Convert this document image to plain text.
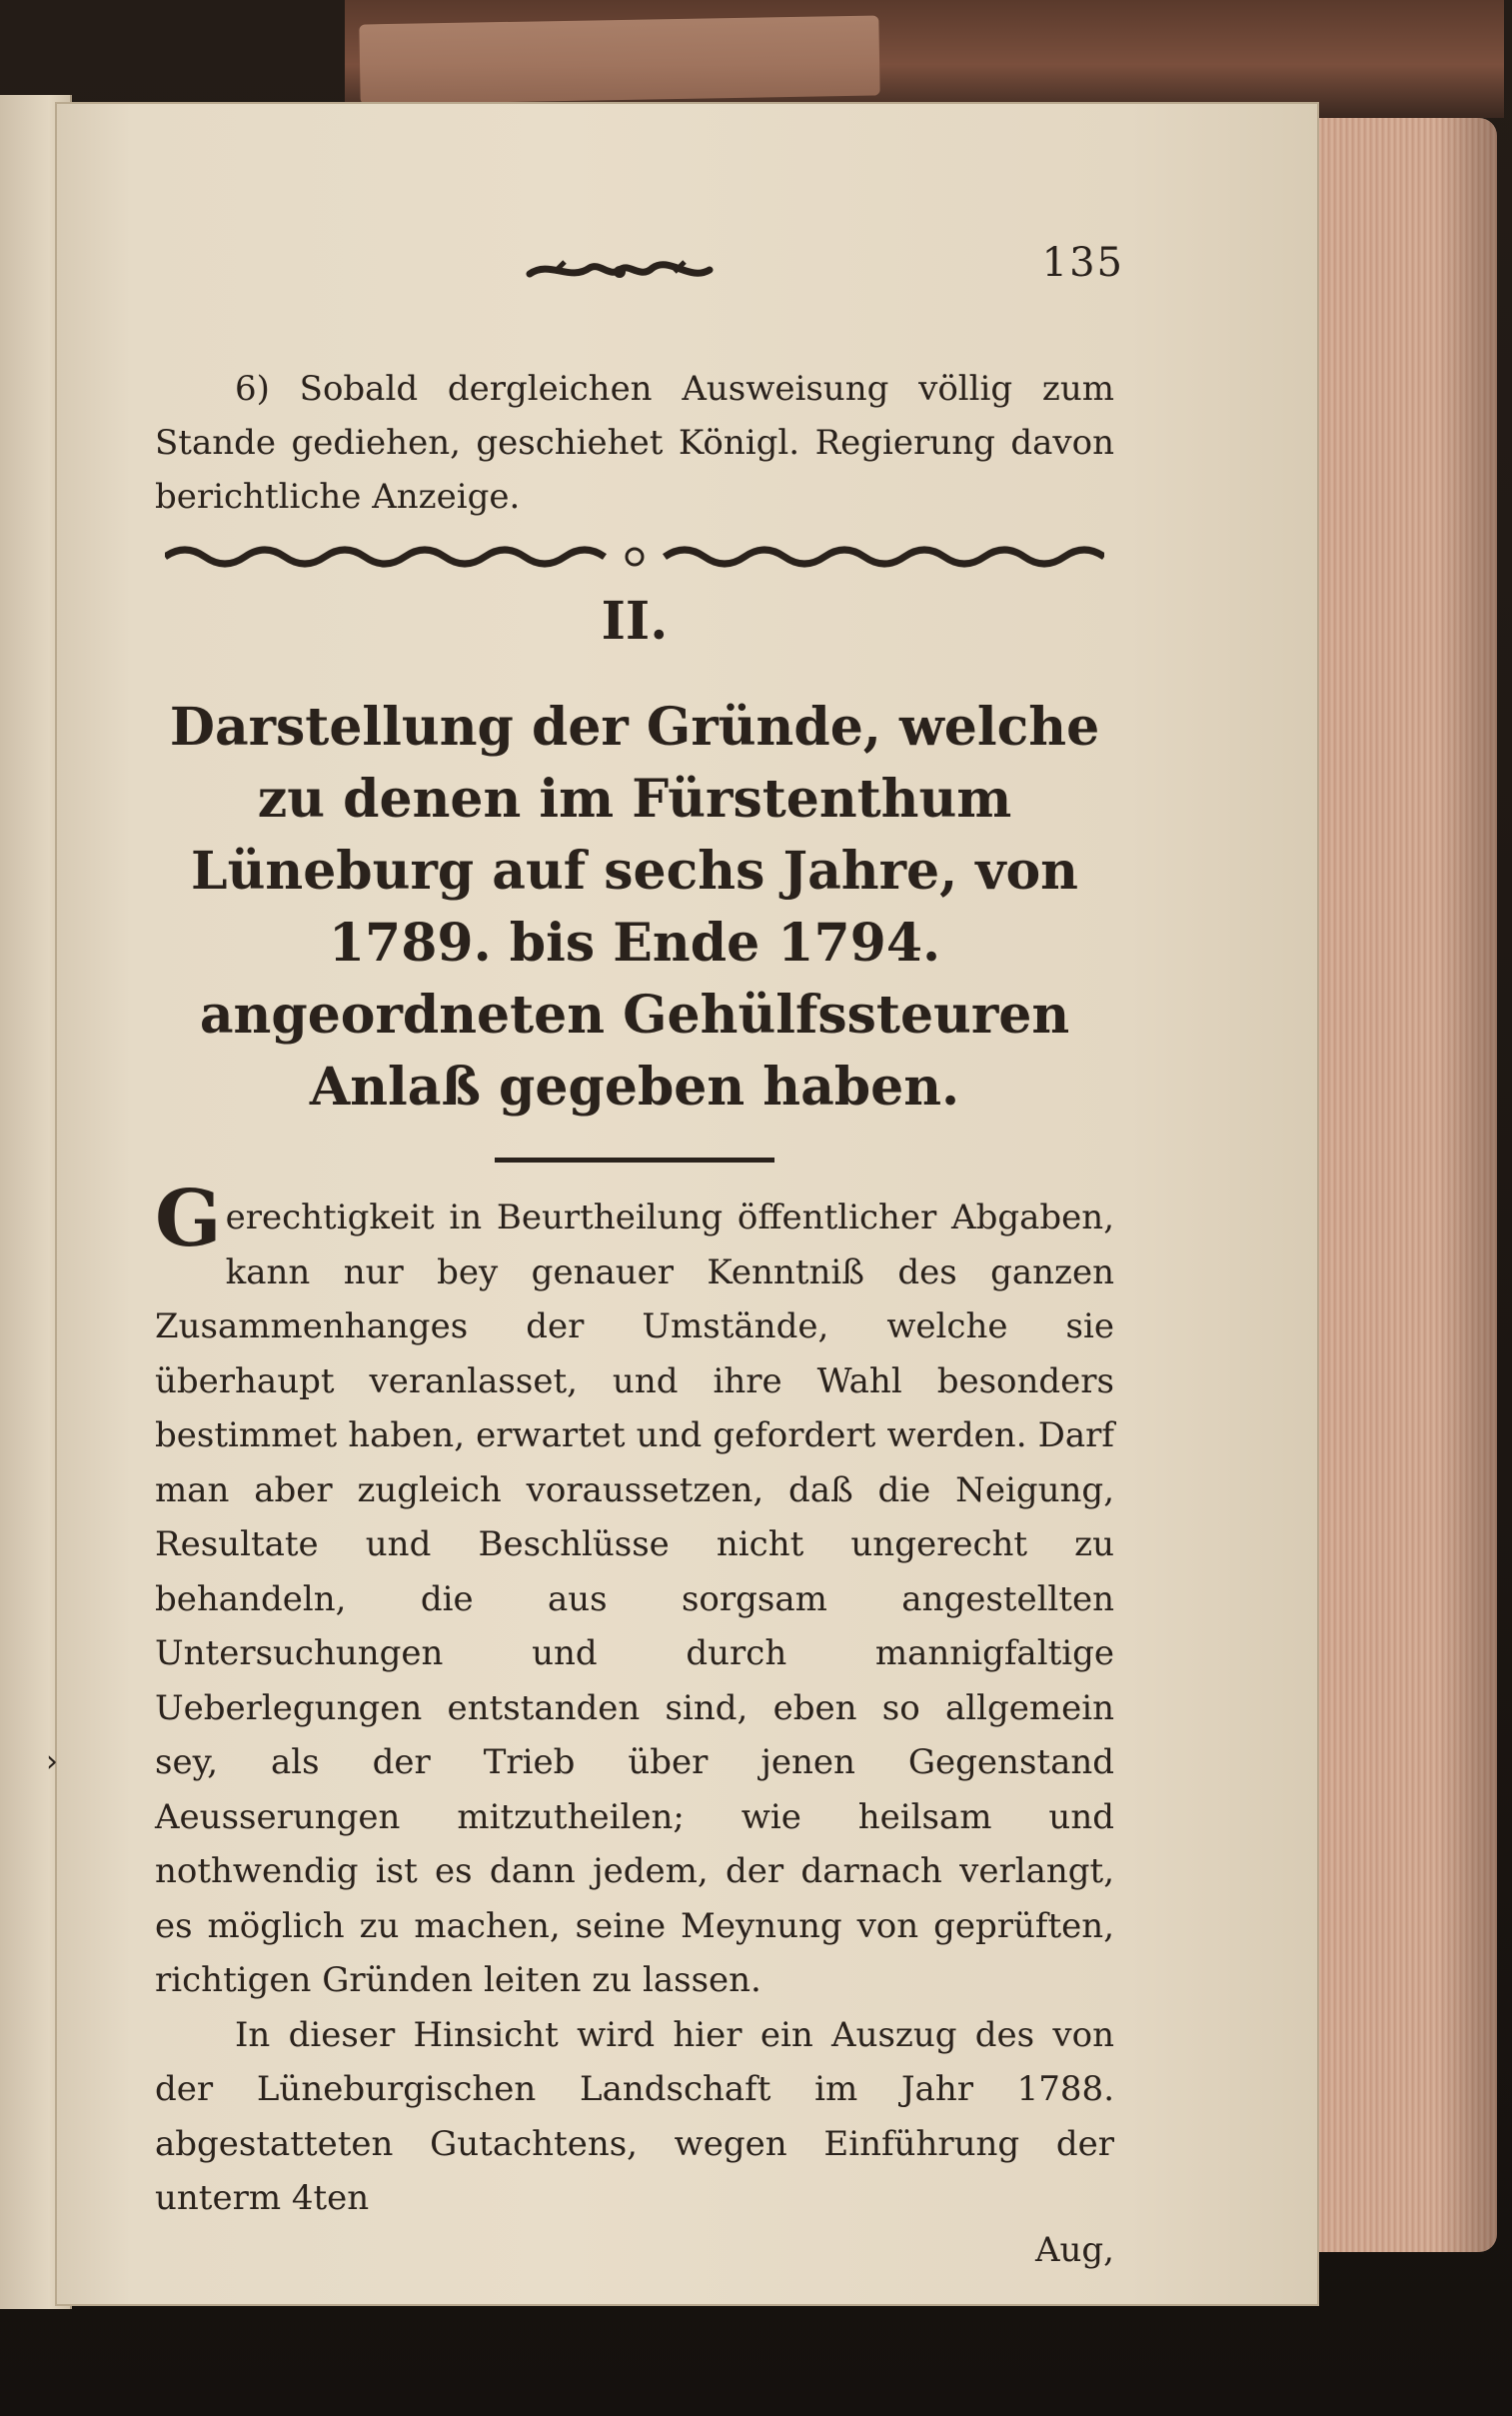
›
135

6) Sobald dergleichen Ausweisung völlig zum Stande gediehen, geschiehet Königl. Regierung davon berichtliche Anzeige.

II.
Darstellung der Gründe, welche zu denen im Fürstenthum Lüneburg auf sechs Jahre, von 1789. bis Ende 1794. angeordneten Gehülfssteuren Anlaß gegeben haben.

Gerechtigkeit in Beurtheilung öffentlicher Abgaben, kann nur bey genauer Kenntniß des ganzen Zusammenhanges der Umstände, welche sie überhaupt veranlasset, und ihre Wahl besonders bestimmet haben, erwartet und gefordert werden. Darf man aber zugleich voraussetzen, daß die Neigung, Resultate und Beschlüsse nicht ungerecht zu behandeln, die aus sorgsam angestellten Untersuchungen und durch mannigfaltige Ueberlegungen entstanden sind, eben so allgemein sey, als der Trieb über jenen Gegenstand Aeusserungen mitzutheilen; wie heilsam und nothwendig ist es dann jedem, der darnach verlangt, es möglich zu machen, seine Meynung von geprüften, richtigen Gründen leiten zu lassen.

In dieser Hinsicht wird hier ein Auszug des von der Lüneburgischen Landschaft im Jahr 1788. abgestatteten Gutachtens, wegen Einführung der unterm 4ten

Aug,
